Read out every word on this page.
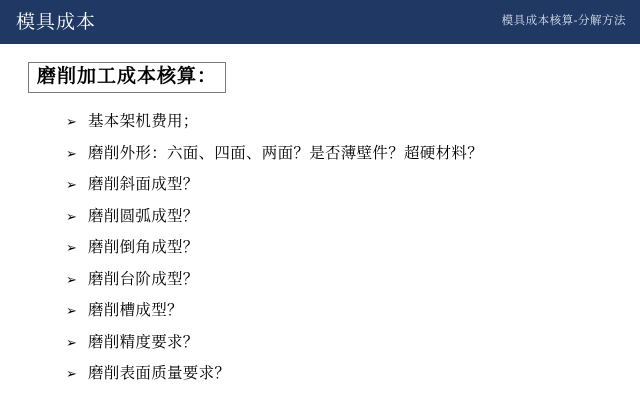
模具成本	模具成本核算-分解方法
磨削加工成本核算：
➢ 基本架机费用；
➢ 磨削外形：六面、四面、两面？是否薄壁件？超硬材料？
➢ 磨削斜面成型？
➢ 磨削圆弧成型？
➢ 磨削倒角成型？
➢ 磨削台阶成型？
➢ 磨削槽成型？
➢ 磨削精度要求？
➢ 磨削表面质量要求？
